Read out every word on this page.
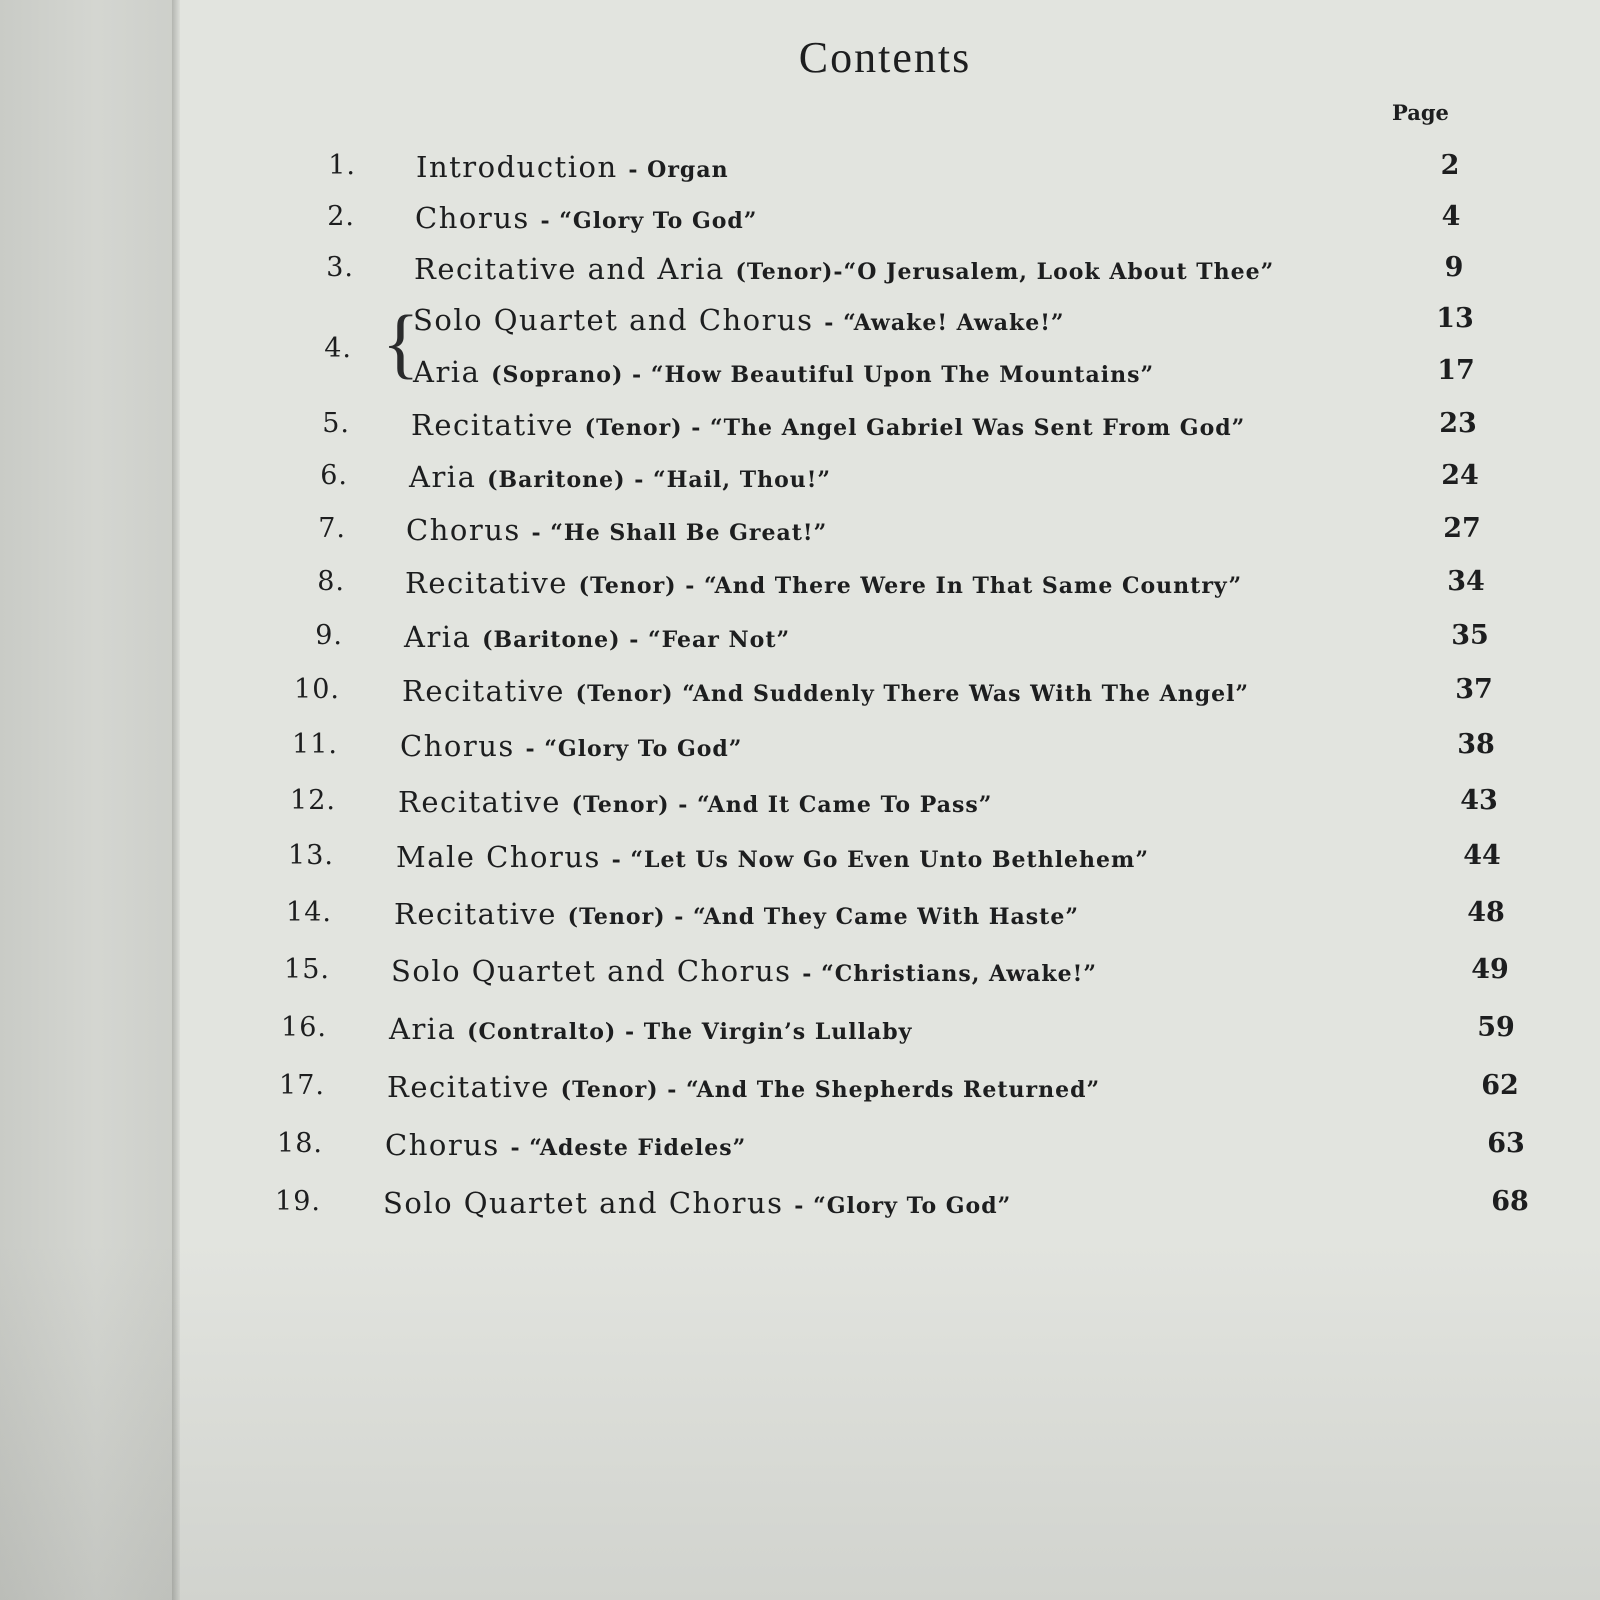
Contents
Page
{
1. Introduction - Organ	2
2. Chorus - “Glory To God”	4
3. Recitative and Aria (Tenor)-“O Jerusalem, Look About Thee”	9
4.
Solo Quartet and Chorus - “Awake! Awake!”	13
Aria (Soprano) - “How Beautiful Upon The Mountains”	17
5. Recitative (Tenor) - “The Angel Gabriel Was Sent From God”	23
6. Aria (Baritone) - “Hail, Thou!”	24
7. Chorus - “He Shall Be Great!”	27
8. Recitative (Tenor) - “And There Were In That Same Country”	34
9. Aria (Baritone) - “Fear Not”	35
10. Recitative (Tenor) “And Suddenly There Was With The Angel”	37
11. Chorus - “Glory To God”	38
12. Recitative (Tenor) - “And It Came To Pass”	43
13. Male Chorus - “Let Us Now Go Even Unto Bethlehem”	44
14. Recitative (Tenor) - “And They Came With Haste”	48
15. Solo Quartet and Chorus - “Christians, Awake!”	49
16. Aria (Contralto) - The Virgin’s Lullaby	59
17. Recitative (Tenor) - “And The Shepherds Returned”	62
18. Chorus - “Adeste Fideles”	63
19. Solo Quartet and Chorus - “Glory To God”	68
